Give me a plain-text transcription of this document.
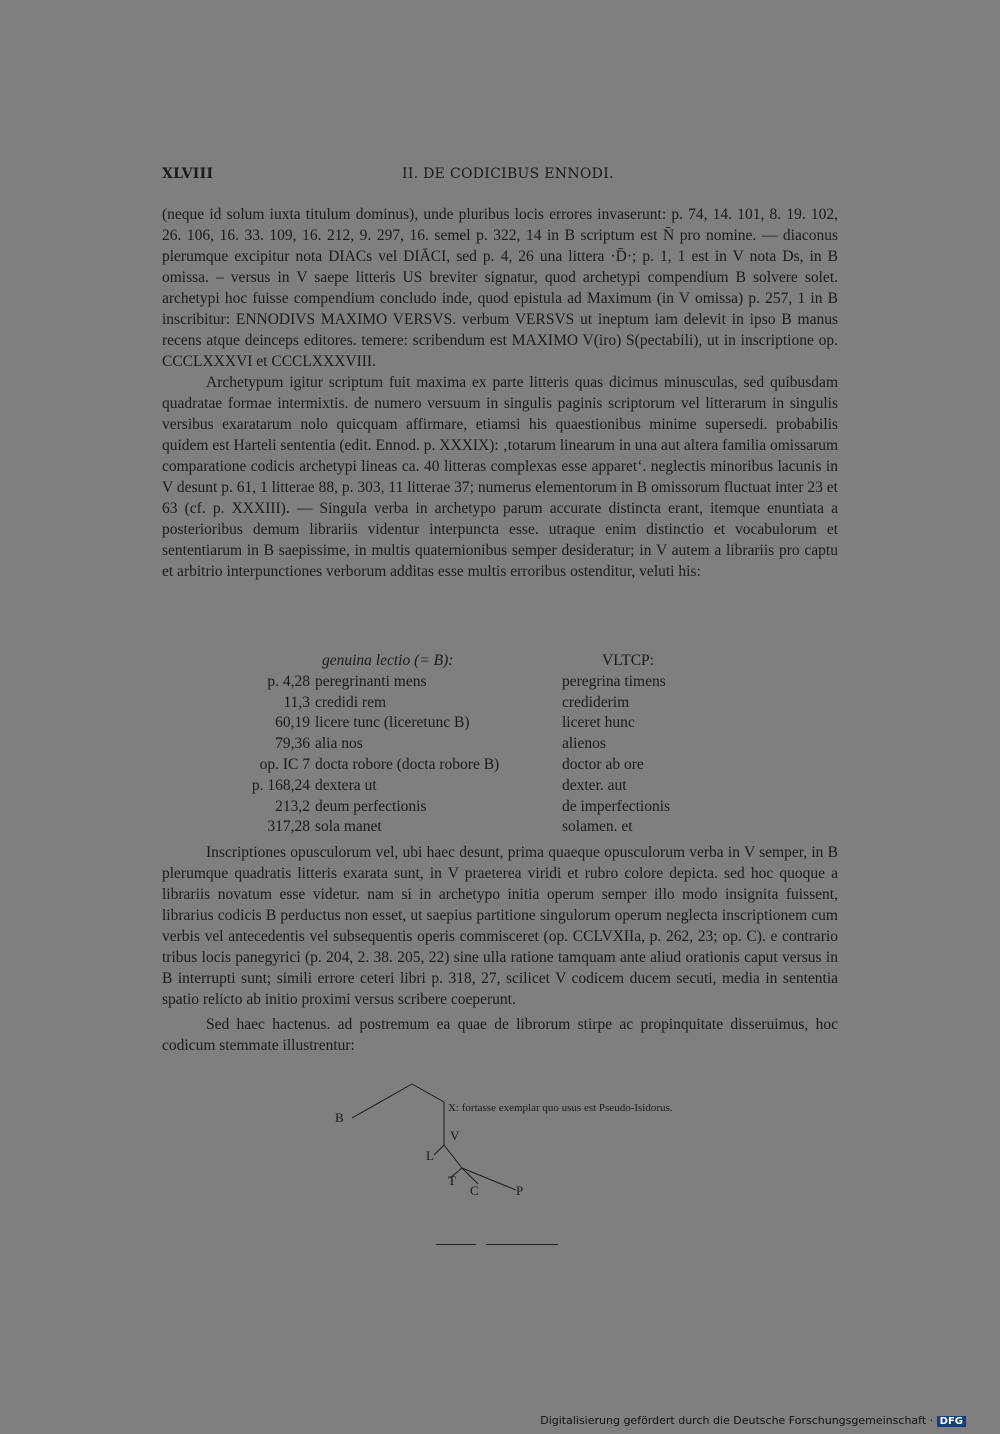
XLVIII	II. DE CODICIBUS ENNODI.

(neque id solum iuxta titulum dominus), unde pluribus locis errores invaserunt: p. 74, 14. 101, 8. 19. 102, 26. 106, 16. 33. 109, 16. 212, 9. 297, 16. semel p. 322, 14 in B scriptum est N̄ pro nomine. — diaconus plerumque excipitur nota DIACs vel DIĀCI, sed p. 4, 26 una littera ·D̄·; p. 1, 1 est in V nota Ds, in B omissa. – versus in V saepe litteris US breviter signatur, quod archetypi compendium B solvere solet. archetypi hoc fuisse compendium concludo inde, quod epistula ad Maximum (in V omissa) p. 257, 1 in B inscribitur: ENNODIVS MAXIMO VERSVS. verbum VERSVS ut ineptum iam delevit in ipso B manus recens atque deinceps editores. temere: scribendum est MAXIMO V(iro) S(pectabili), ut in inscriptione op. CCCLXXXVI et CCCLXXXVIII.

Archetypum igitur scriptum fuit maxima ex parte litteris quas dicimus minusculas, sed quibusdam quadratae formae intermixtis. de numero versuum in singulis paginis scriptorum vel litterarum in singulis versibus exaratarum nolo quicquam affirmare, etiamsi his quaestionibus minime supersedi. probabilis quidem est Harteli sententia (edit. Ennod. p. XXXIX): ‚totarum linearum in una aut altera familia omissarum comparatione codicis archetypi lineas ca. 40 litteras complexas esse apparet‘. neglectis minoribus lacunis in V desunt p. 61, 1 litterae 88, p. 303, 11 litterae 37; numerus elementorum in B omissorum fluctuat inter 23 et 63 (cf. p. XXXIII). — Singula verba in archetypo parum accurate distincta erant, itemque enuntiata a posterioribus demum librariis videntur interpuncta esse. utraque enim distinctio et vocabulorum et sententiarum in B saepissime, in multis quaternionibus semper desideratur; in V autem a librariis pro captu et arbitrio interpunctiones verborum additas esse multis erroribus ostenditur, veluti his:

genuina lectio (= B):	VLTCP:
p. 4,28 peregrinanti mens	peregrina timens
11,3 credidi rem	crediderim
60,19 licere tunc (liceretunc B)	liceret hunc
79,36 alia nos	alienos
op. IC 7 docta robore (docta robore B)	doctor ab ore
p. 168,24 dextera ut	dexter. aut
213,2 deum perfectionis	de imperfectionis
317,28 sola manet	solamen. et

Inscriptiones opusculorum vel, ubi haec desunt, prima quaeque opusculorum verba in V semper, in B plerumque quadratis litteris exarata sunt, in V praeterea viridi et rubro colore depicta. sed hoc quoque a librariis novatum esse videtur. nam si in archetypo initia operum semper illo modo insignita fuissent, librarius codicis B perductus non esset, ut saepius partitione singulorum operum neglecta inscriptionem cum verbis vel antecedentis vel subsequentis operis commisceret (op. CCLVXIIa, p. 262, 23; op. C). e contrario tribus locis panegyrici (p. 204, 2. 38. 205, 22) sine ulla ratione tamquam ante aliud orationis caput versus in B interrupti sunt; simili errore ceteri libri p. 318, 27, scilicet V codicem ducem secuti, media in sententia spatio relicto ab initio proximi versus scribere coeperunt.

Sed haec hactenus. ad postremum ea quae de librorum stirpe ac propinquitate disseruimus, hoc codicum stemmate illustrentur:

B
X: fortasse exemplar quo usus est Pseudo-Isidorus.
V
L
T
C	P
Digitalisierung gefördert durch die Deutsche Forschungsgemeinschaft · DFG
